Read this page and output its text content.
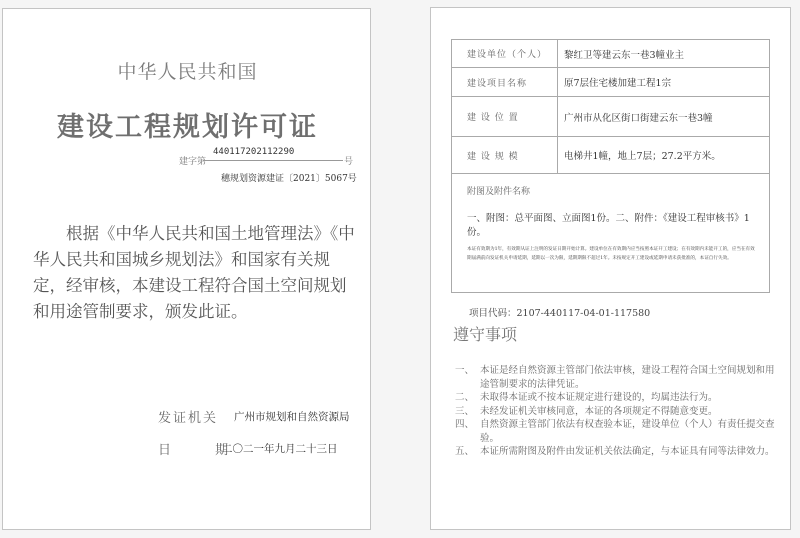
中华人民共和国
建设工程规划许可证
建字第
440117202112290
号
穗规划资源建证〔2021〕5067号
根据《中华人民共和国土地管理法》《中华人民共和国城乡规划法》和国家有关规定，经审核，本建设工程符合国土空间规划和用途管制要求，颁发此证。
发证机关 广州市规划和自然资源局
日 期
二〇二一年九月二十三日
建设单位（个人）	黎红卫等建云东一巷3幢业主
建设项目名称	原7层住宅楼加建工程1宗
建 设 位 置	广州市从化区街口街建云东一巷3幢
建 设 规 模	电梯井1幢，地上7层；27.2平方米。
附图及附件名称
一、附图：总平面图、立面图1份。二、附件：《建设工程审核书》1份。
本证有效期为1年，有效期从证上注明的发证日期开始计算。建设单位在有效期内应当按照本证开工建设；在有效期内未能开工的，应当在有效期届满前向发证机关申请延期，延期以一次为限，延期期限不超过1年。未按规定开工建设或延期申请未获批准的，本证自行失效。
项目代码：2107-440117-04-01-117580
遵守事项
一、 本证是经自然资源主管部门依法审核，建设工程符合国土空间规划和用途管制要求的法律凭证。
二、 未取得本证或不按本证规定进行建设的，均属违法行为。
三、 未经发证机关审核同意，本证的各项规定不得随意变更。
四、 自然资源主管部门依法有权查验本证，建设单位（个人）有责任提交查验。
五、 本证所需附图及附件由发证机关依法确定，与本证具有同等法律效力。
